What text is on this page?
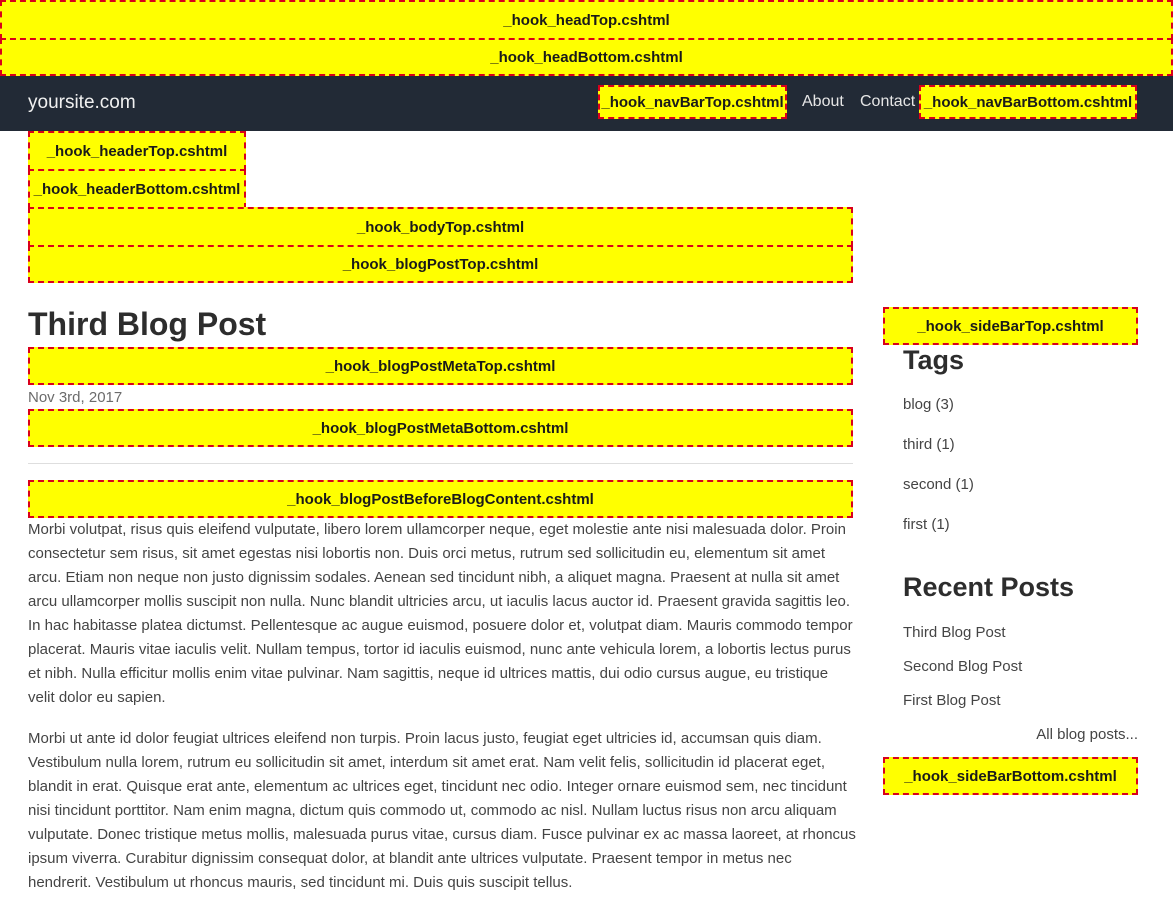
_hook_headTop.cshtml
_hook_headBottom.cshtml
yoursite.com	_hook_navBarTop.cshtml About Contact _hook_navBarBottom.cshtml
_hook_headerTop.cshtml
_hook_headerBottom.cshtml
_hook_bodyTop.cshtml
_hook_blogPostTop.cshtml
Third Blog Post
_hook_blogPostMetaTop.cshtml
Nov 3rd, 2017
_hook_blogPostMetaBottom.cshtml
_hook_blogPostBeforeBlogContent.cshtml

Morbi volutpat, risus quis eleifend vulputate, libero lorem ullamcorper neque, eget molestie ante nisi malesuada dolor. Proin consectetur sem risus, sit amet egestas nisi lobortis non. Duis orci metus, rutrum sed sollicitudin eu, elementum sit amet arcu. Etiam non neque non justo dignissim sodales. Aenean sed tincidunt nibh, a aliquet magna. Praesent at nulla sit amet arcu ullamcorper mollis suscipit non nulla. Nunc blandit ultricies arcu, ut iaculis lacus auctor id. Praesent gravida sagittis leo. In hac habitasse platea dictumst. Pellentesque ac augue euismod, posuere dolor et, volutpat diam. Mauris commodo tempor placerat. Mauris vitae iaculis velit. Nullam tempus, tortor id iaculis euismod, nunc ante vehicula lorem, a lobortis lectus purus et nibh. Nulla efficitur mollis enim vitae pulvinar. Nam sagittis, neque id ultrices mattis, dui odio cursus augue, eu tristique velit dolor eu sapien.

Morbi ut ante id dolor feugiat ultrices eleifend non turpis. Proin lacus justo, feugiat eget ultricies id, accumsan quis diam. Vestibulum nulla lorem, rutrum eu sollicitudin sit amet, interdum sit amet erat. Nam velit felis, sollicitudin id placerat eget, blandit in erat. Quisque erat ante, elementum ac ultrices eget, tincidunt nec odio. Integer ornare euismod sem, nec tincidunt nisi tincidunt porttitor. Nam enim magna, dictum quis commodo ut, commodo ac nisl. Nullam luctus risus non arcu aliquam vulputate. Donec tristique metus mollis, malesuada purus vitae, cursus diam. Fusce pulvinar ex ac massa laoreet, at rhoncus ipsum viverra. Curabitur dignissim consequat dolor, at blandit ante ultrices vulputate. Praesent tempor in metus nec hendrerit. Vestibulum ut rhoncus mauris, sed tincidunt mi. Duis quis suscipit tellus.

_hook_sideBarTop.cshtml
Tags
blog (3)
third (1)
second (1)
first (1)
Recent Posts
Third Blog Post
Second Blog Post
First Blog Post
All blog posts...
_hook_sideBarBottom.cshtml
